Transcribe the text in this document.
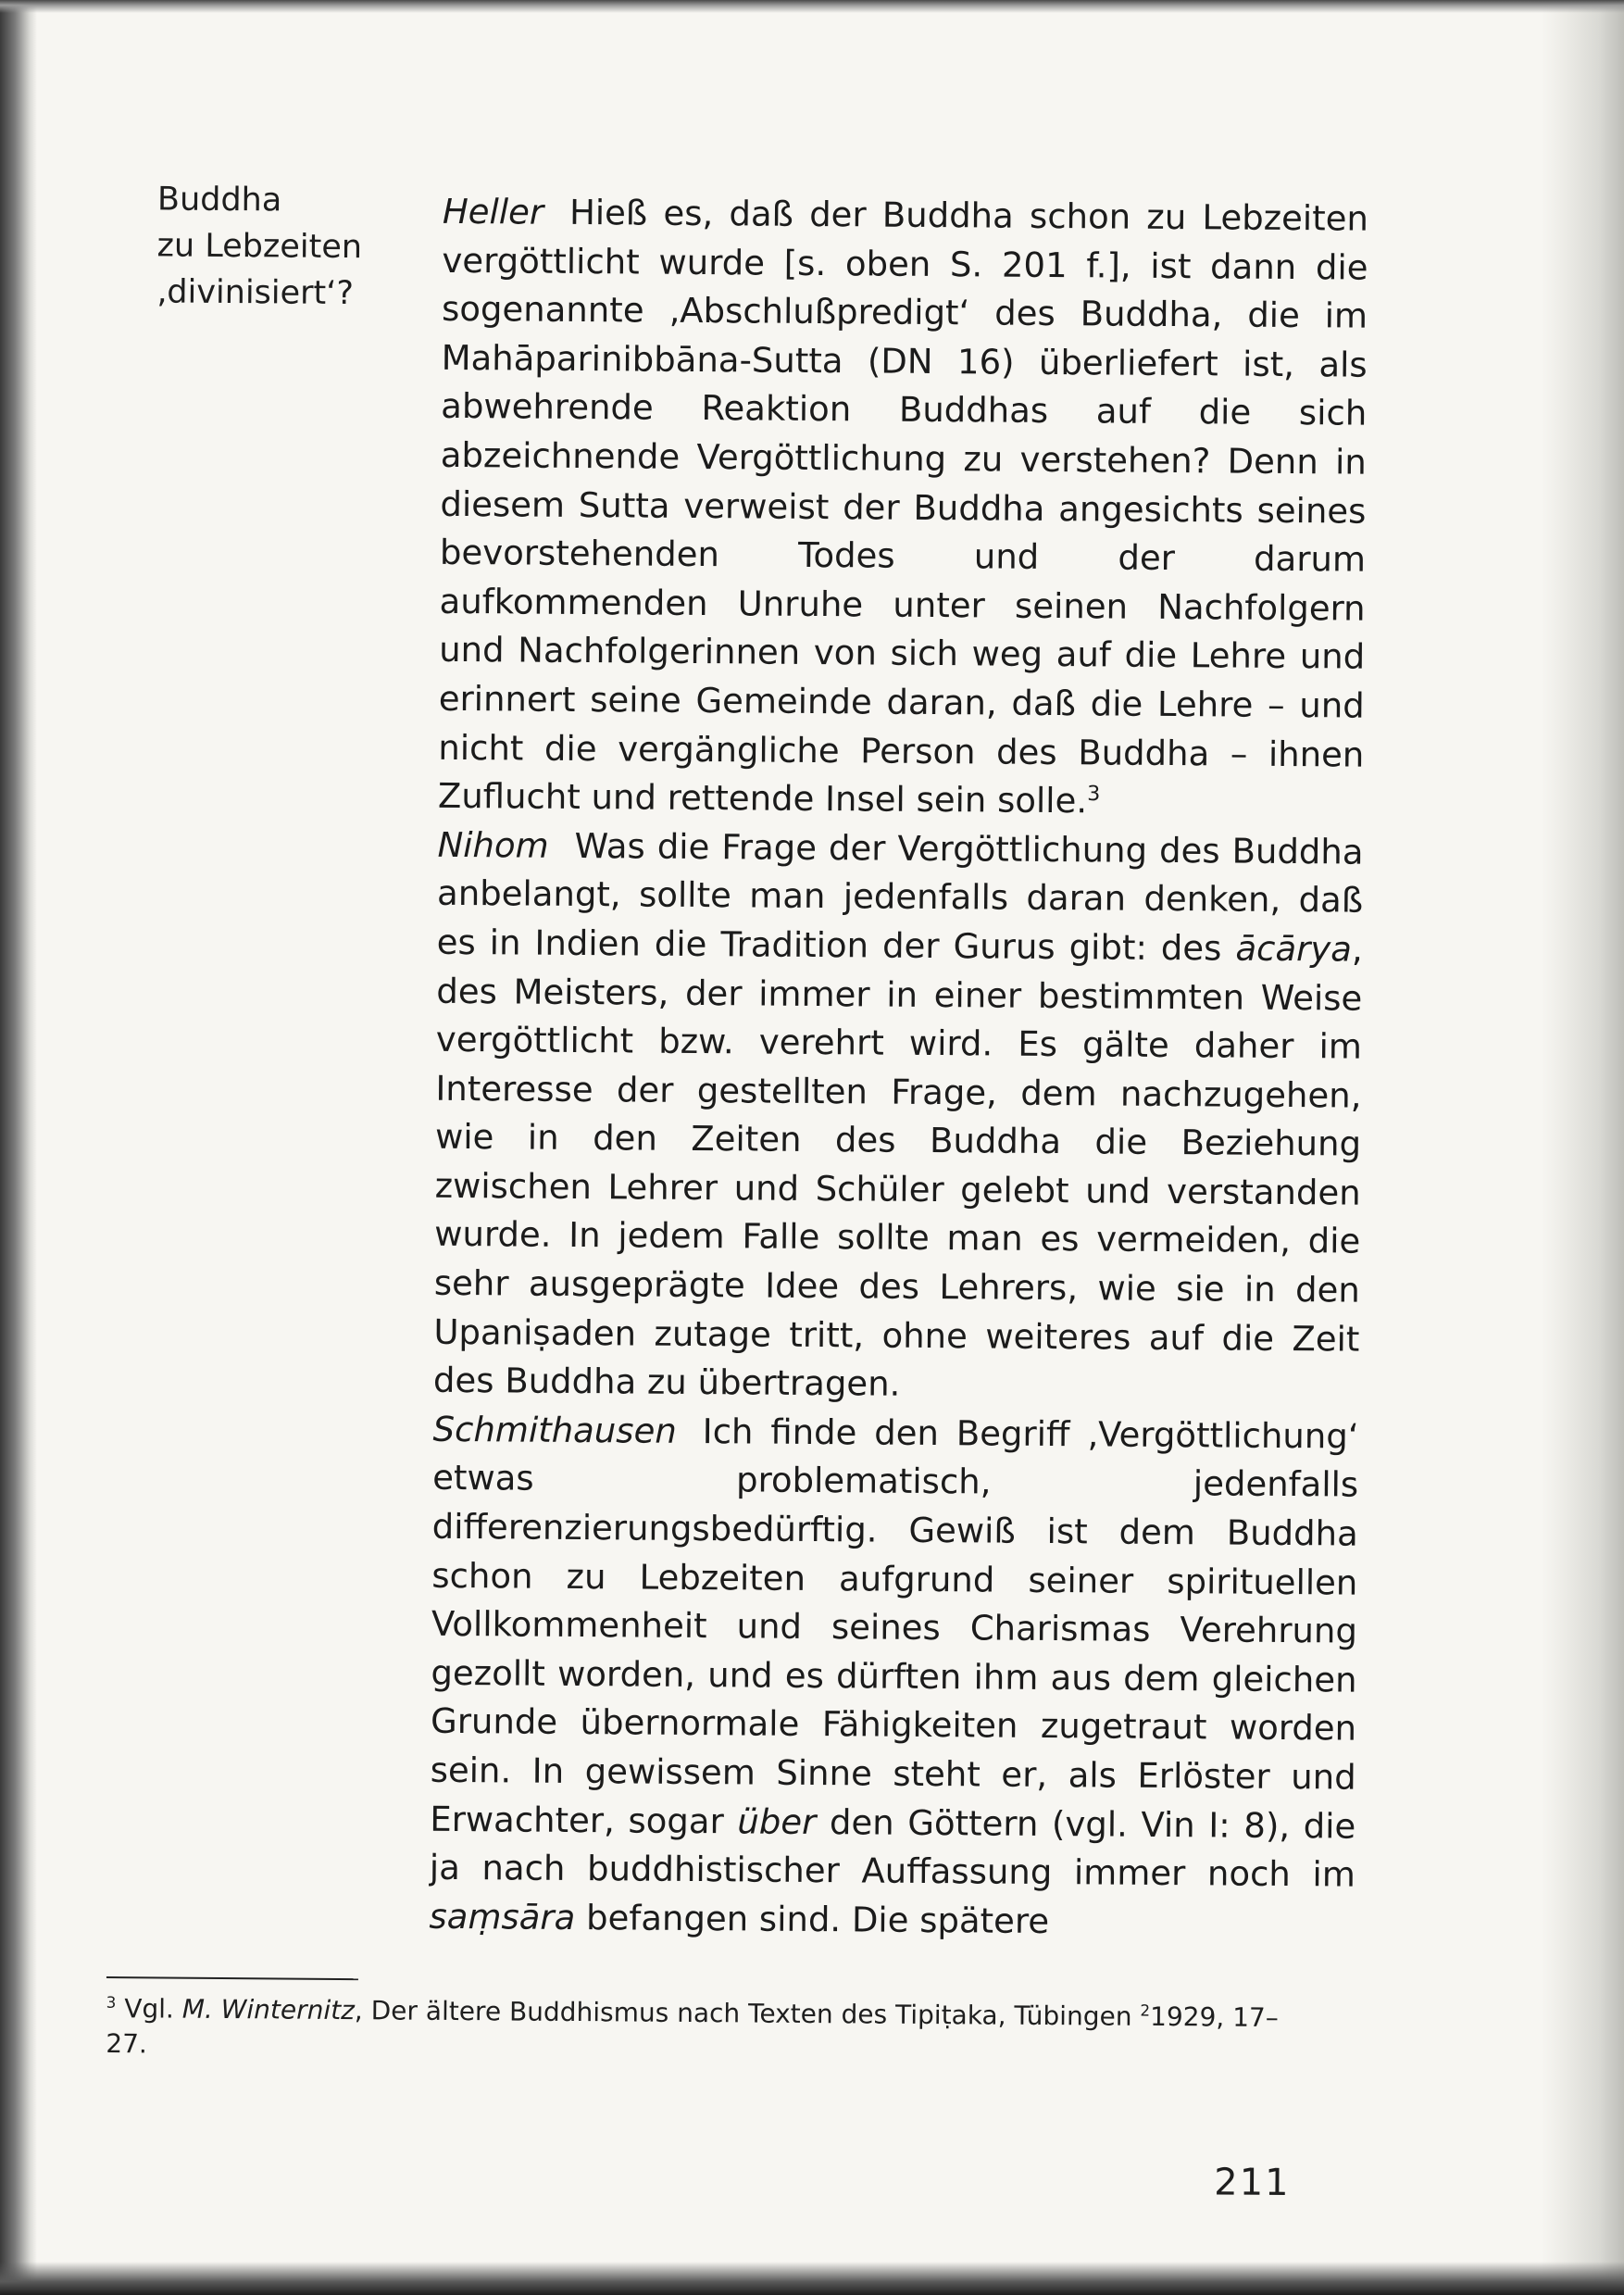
Buddha
zu Lebzeiten
‚divinisiert‘?

Heller Hieß es, daß der Buddha schon zu Lebzeiten vergöttlicht wurde [s. oben S. 201 f.], ist dann die sogenannte ‚Abschlußpredigt‘ des Buddha, die im Mahāparinibbāna-Sutta (DN 16) überliefert ist, als abwehrende Reaktion Buddhas auf die sich abzeichnende Vergöttlichung zu verstehen? Denn in diesem Sutta verweist der Buddha angesichts seines bevorstehenden Todes und der darum aufkommenden Unruhe unter seinen Nachfolgern und Nachfolgerinnen von sich weg auf die Lehre und erinnert seine Gemeinde daran, daß die Lehre – und nicht die vergängliche Person des Buddha – ihnen Zuflucht und rettende Insel sein solle.$^3$

Nihom Was die Frage der Vergöttlichung des Buddha anbelangt, sollte man jedenfalls daran denken, daß es in Indien die Tradition der Gurus gibt: des ācārya, des Meisters, der immer in einer bestimmten Weise vergöttlicht bzw. verehrt wird. Es gälte daher im Interesse der gestellten Frage, dem nachzugehen, wie in den Zeiten des Buddha die Beziehung zwischen Lehrer und Schüler gelebt und verstanden wurde. In jedem Falle sollte man es vermeiden, die sehr ausgeprägte Idee des Lehrers, wie sie in den Upaniṣaden zutage tritt, ohne weiteres auf die Zeit des Buddha zu übertragen.

Schmithausen Ich finde den Begriff ‚Vergöttlichung‘ etwas problematisch, jedenfalls differenzierungsbedürftig. Gewiß ist dem Buddha schon zu Lebzeiten aufgrund seiner spirituellen Vollkommenheit und seines Charismas Verehrung gezollt worden, und es dürften ihm aus dem gleichen Grunde übernormale Fähigkeiten zugetraut worden sein. In gewissem Sinne steht er, als Erlöster und Erwachter, sogar über den Göttern (vgl. Vin I: 8), die ja nach buddhistischer Auffassung immer noch im saṃsāra befangen sind. Die spätere

$^3$ Vgl. M. Winternitz, Der ältere Buddhismus nach Texten des Tipiṭaka, Tübingen $^2$1929, 17–27.
211
